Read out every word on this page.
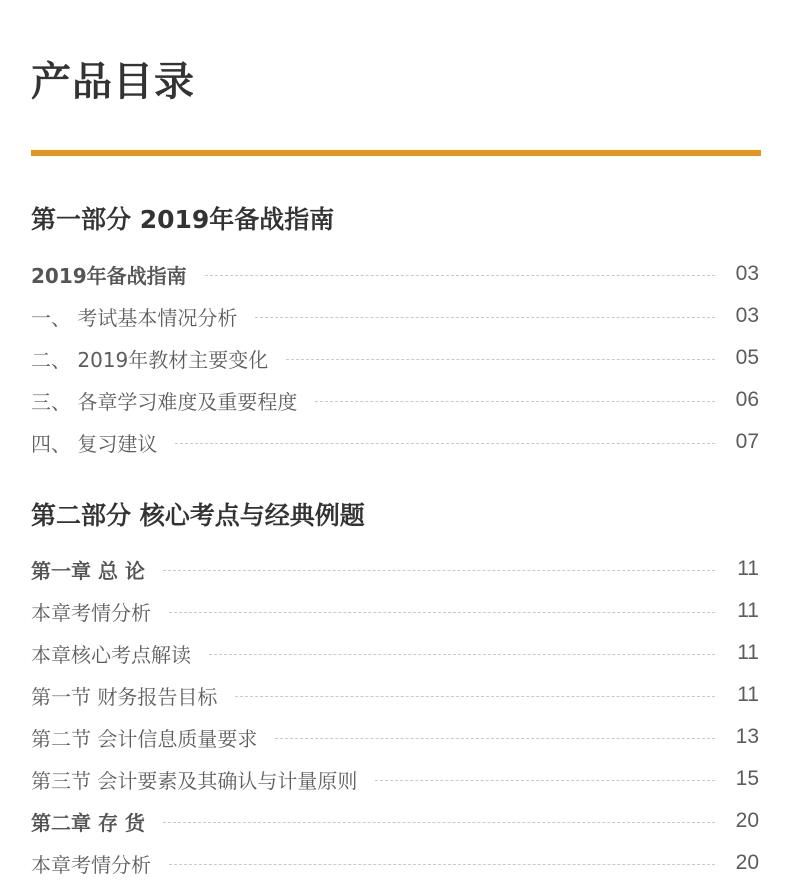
产品目录
第一部分 2019年备战指南
2019年备战指南	03
一、 考试基本情况分析	03
二、 2019年教材主要变化	05
三、 各章学习难度及重要程度	06
四、 复习建议	07
第二部分 核心考点与经典例题
第一章 总 论	11
本章考情分析	11
本章核心考点解读	11
第一节 财务报告目标	11
第二节 会计信息质量要求	13
第三节 会计要素及其确认与计量原则	15
第二章 存 货	20
本章考情分析	20
